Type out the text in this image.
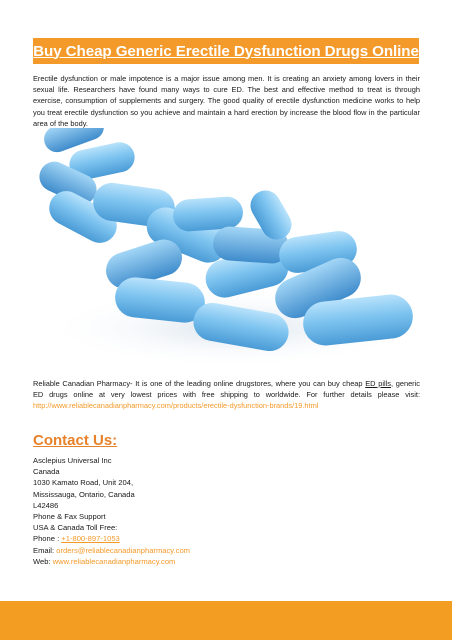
Buy Cheap Generic Erectile Dysfunction Drugs Online

Erectile dysfunction or male impotence is a major issue among men. It is creating an anxiety among lovers in their sexual life. Researchers have found many ways to cure ED. The best and effective method to treat is through exercise, consumption of supplements and surgery. The good quality of erectile dysfunction medicine works to help you treat erectile dysfunction so you achieve and maintain a hard erection by increase the blood flow in the particular area of the body.

Reliable Canadian Pharmacy- It is one of the leading online drugstores, where you can buy cheap ED pills, generic ED drugs online at very lowest prices with free shipping to worldwide. For further details please visit: http://www.reliablecanadianpharmacy.com/products/erectile-dysfunction-brands/19.html

Contact Us:
Asclepius Universal Inc
Canada
1030 Kamato Road, Unit 204,
Mississauga, Ontario, Canada
L42486
Phone & Fax Support
USA & Canada Toll Free:
Phone : +1-800-897-1053
Email: orders@reliablecanadianpharmacy.com
Web: www.reliablecanadianpharmacy.com
